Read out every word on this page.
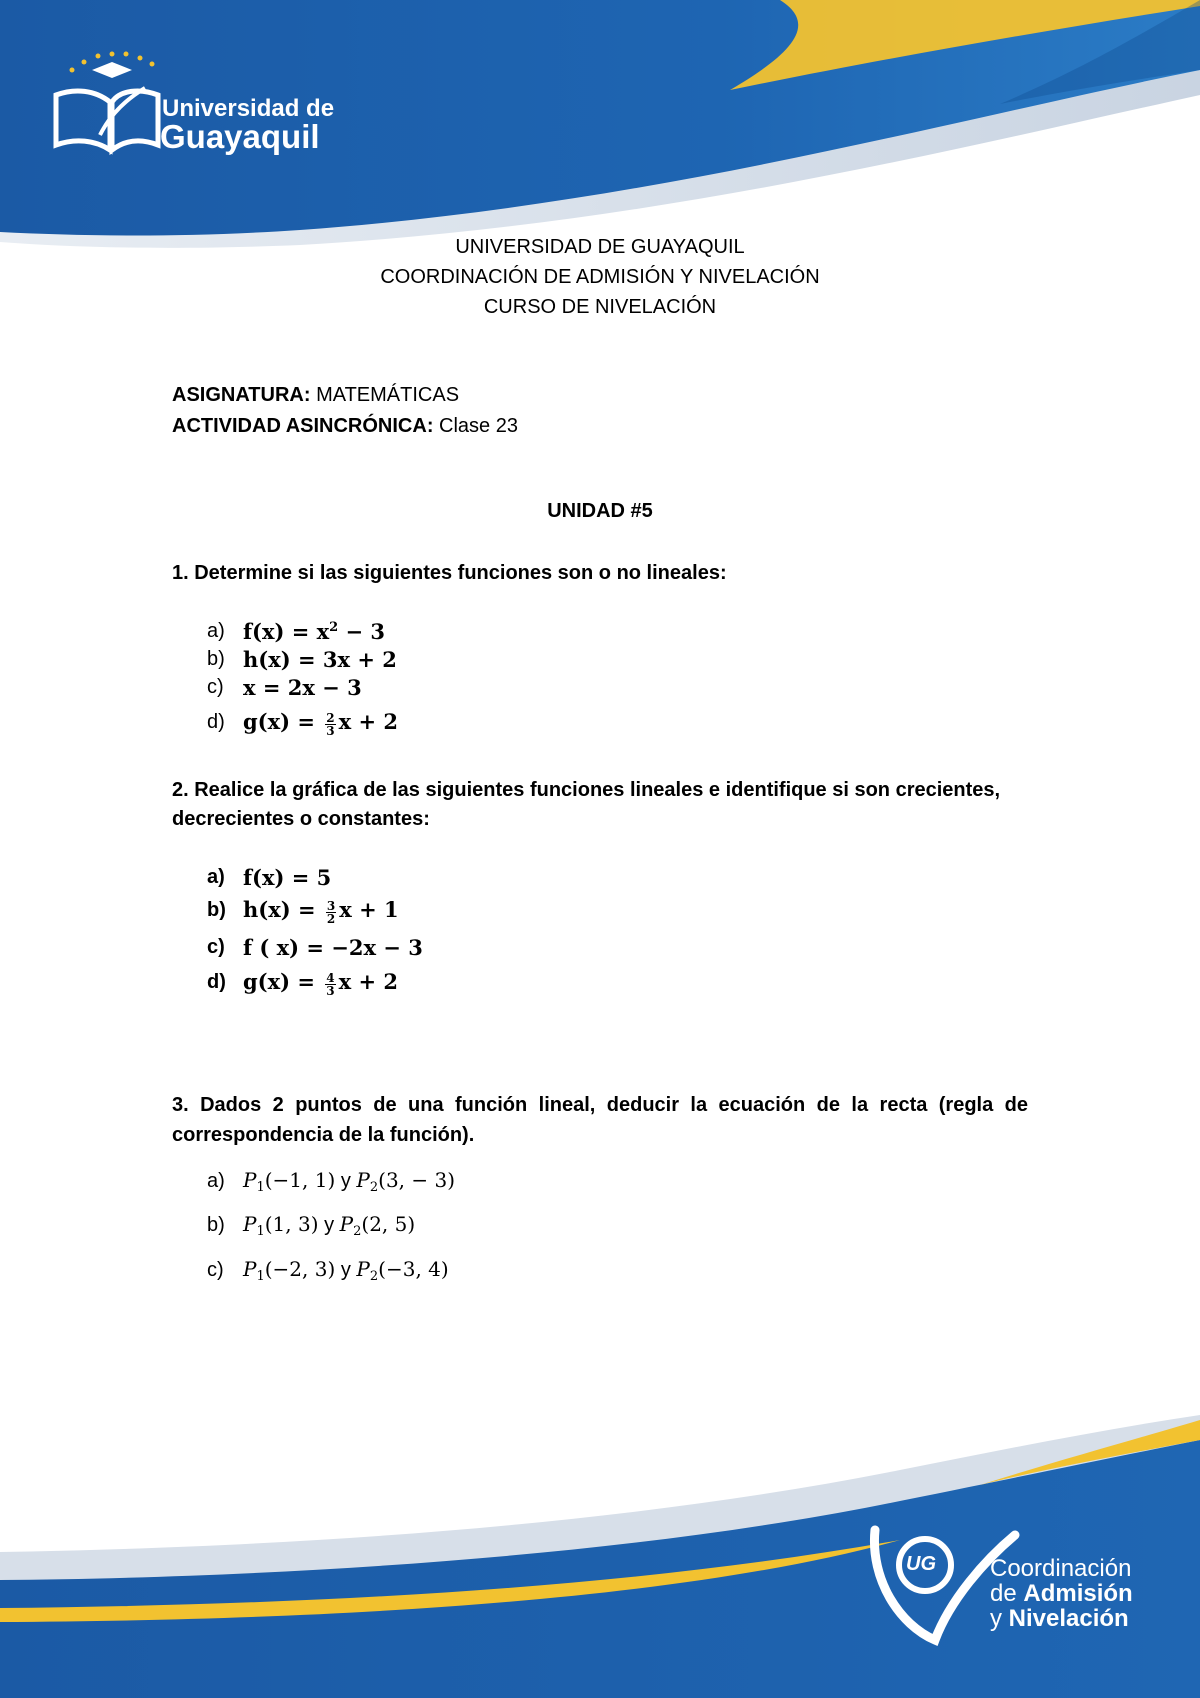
Universidad de
Guayaquil
UNIVERSIDAD DE GUAYAQUIL
COORDINACIÓN DE ADMISIÓN Y NIVELACIÓN
CURSO DE NIVELACIÓN
ASIGNATURA: MATEMÁTICAS
ACTIVIDAD ASINCRÓNICA: Clase 23
UNIDAD #5
1. Determine si las siguientes funciones son o no lineales:
a) $f(x) = x^2 - 3$
b) h(x) = 3x + 2
c) x = 2x − 3
d) $g(x) = \frac{2}{3}$ x + 2
2. Realice la gráfica de las siguientes funciones lineales e identifique si son crecientes, decrecientes o constantes:
a) f(x) = 5
b) $h(x) = \frac{3}{2}$ x + 1
c) f ( x) = −2x − 3
d) $g(x) = \frac{4}{3}$ x + 2
3. Dados 2 puntos de una función lineal, deducir la ecuación de la recta (regla de correspondencia de la función).
a) $P_1(-1$, 1) y $P_2(3$, − 3)
b) $P_1(1$, 3) y $P_2(2$, 5)
c) $P_1(-2$, 3) y $P_2(-3$, 4)
UG Coordinación
de Admisión
y Nivelación
